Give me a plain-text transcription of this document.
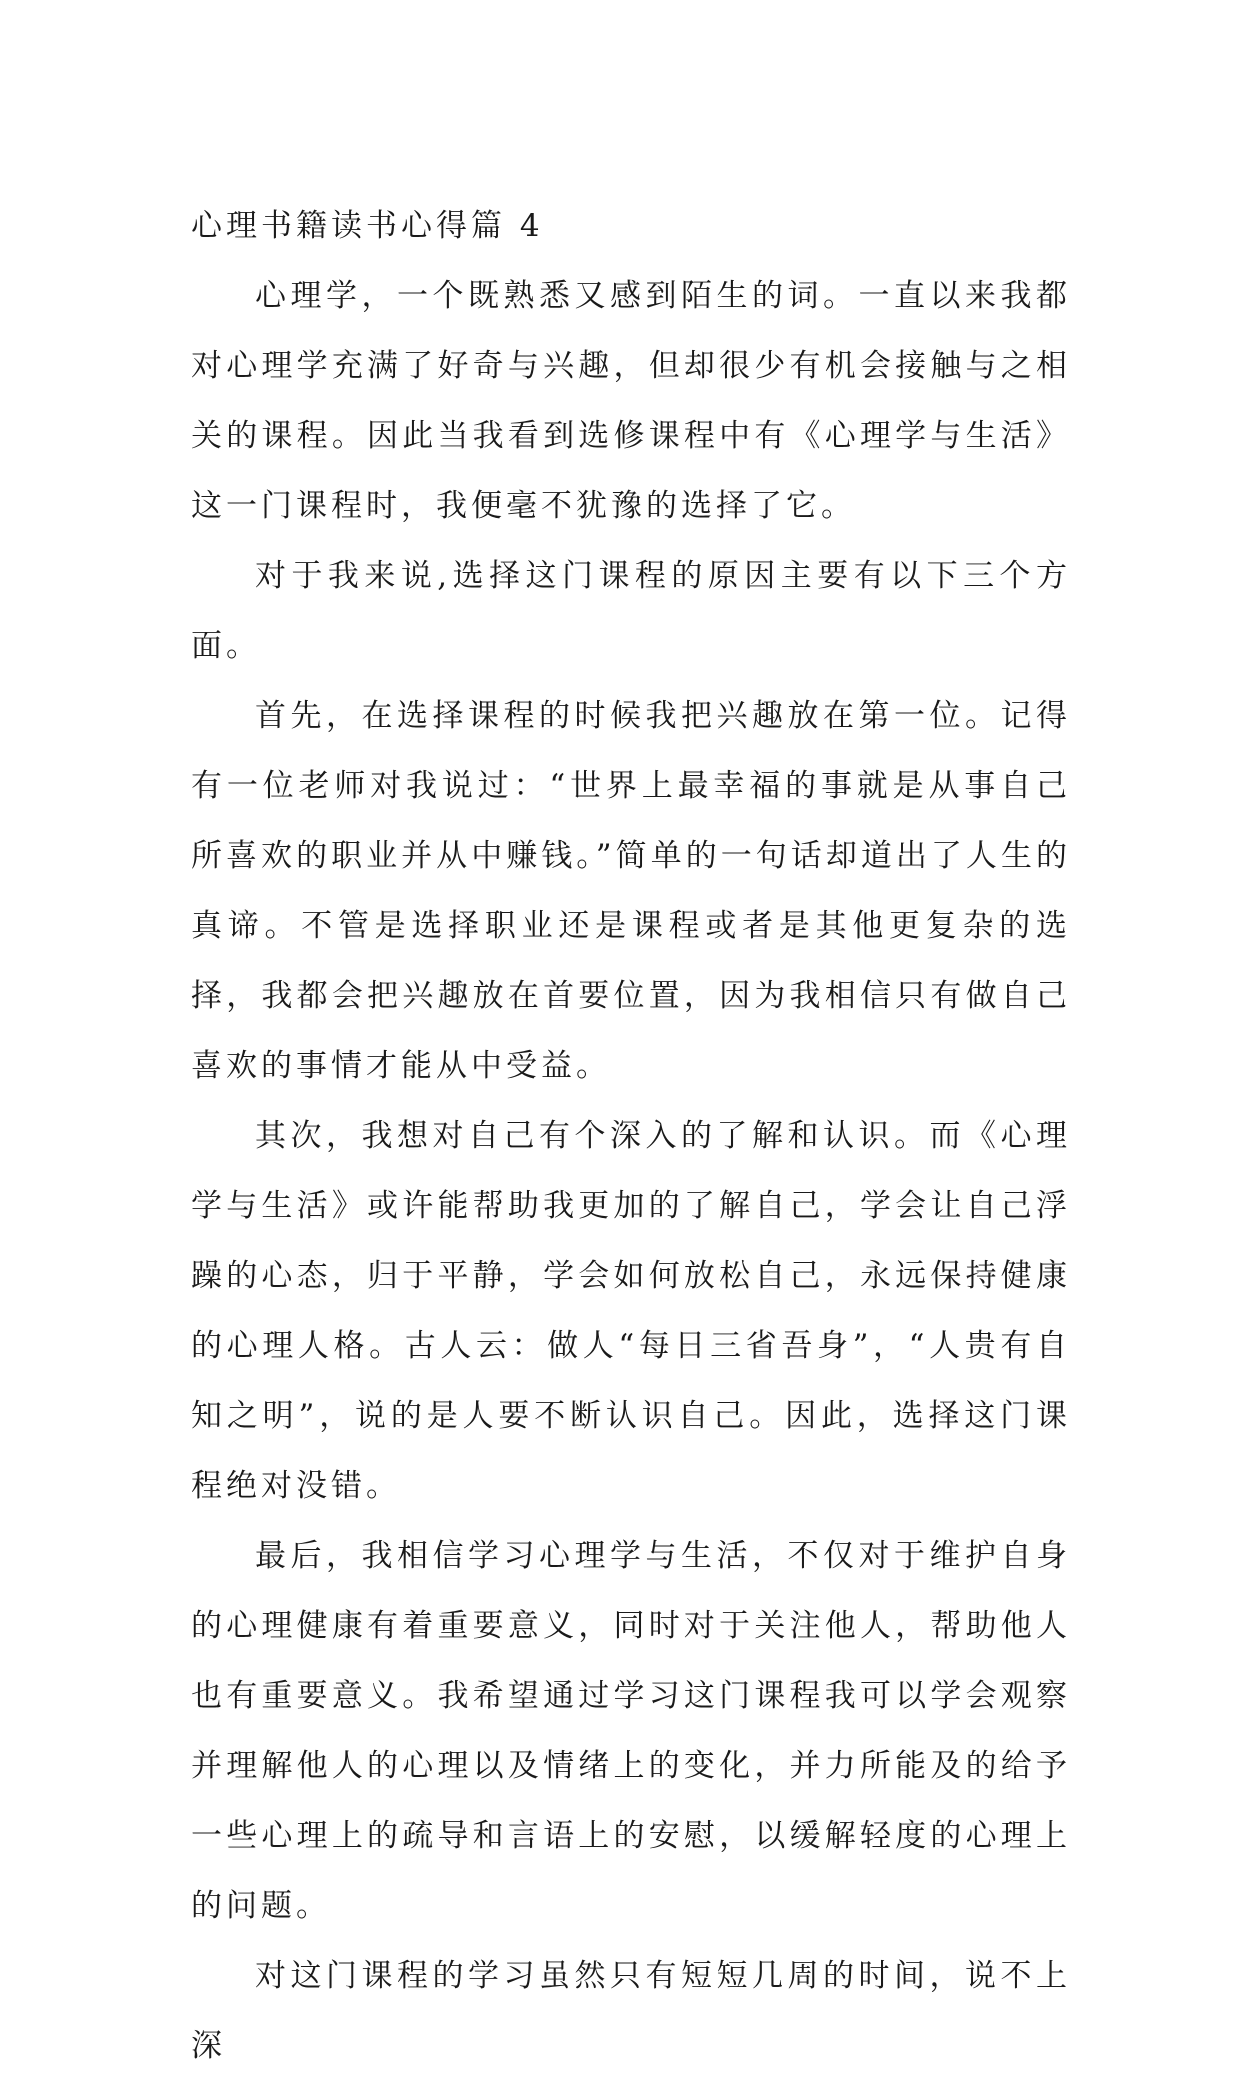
心理书籍读书心得篇 4

心理学，一个既熟悉又感到陌生的词。一直以来我都对心理学充满了好奇与兴趣，但却很少有机会接触与之相关的课程。因此当我看到选修课程中有《心理学与生活》这一门课程时，我便毫不犹豫的选择了它。

对于我来说,选择这门课程的原因主要有以下三个方面。

首先，在选择课程的时候我把兴趣放在第一位。记得有一位老师对我说过：“世界上最幸福的事就是从事自己所喜欢的职业并从中赚钱。”简单的一句话却道出了人生的真谛。不管是选择职业还是课程或者是其他更复杂的选择，我都会把兴趣放在首要位置，因为我相信只有做自己喜欢的事情才能从中受益。

其次，我想对自己有个深入的了解和认识。而《心理学与生活》或许能帮助我更加的了解自己，学会让自己浮躁的心态，归于平静，学会如何放松自己，永远保持健康的心理人格。古人云：做人“每日三省吾身”，“人贵有自知之明”，说的是人要不断认识自己。因此，选择这门课程绝对没错。

最后，我相信学习心理学与生活，不仅对于维护自身的心理健康有着重要意义，同时对于关注他人，帮助他人也有重要意义。我希望通过学习这门课程我可以学会观察并理解他人的心理以及情绪上的变化，并力所能及的给予一些心理上的疏导和言语上的安慰，以缓解轻度的心理上的问题。

对这门课程的学习虽然只有短短几周的时间，说不上深
